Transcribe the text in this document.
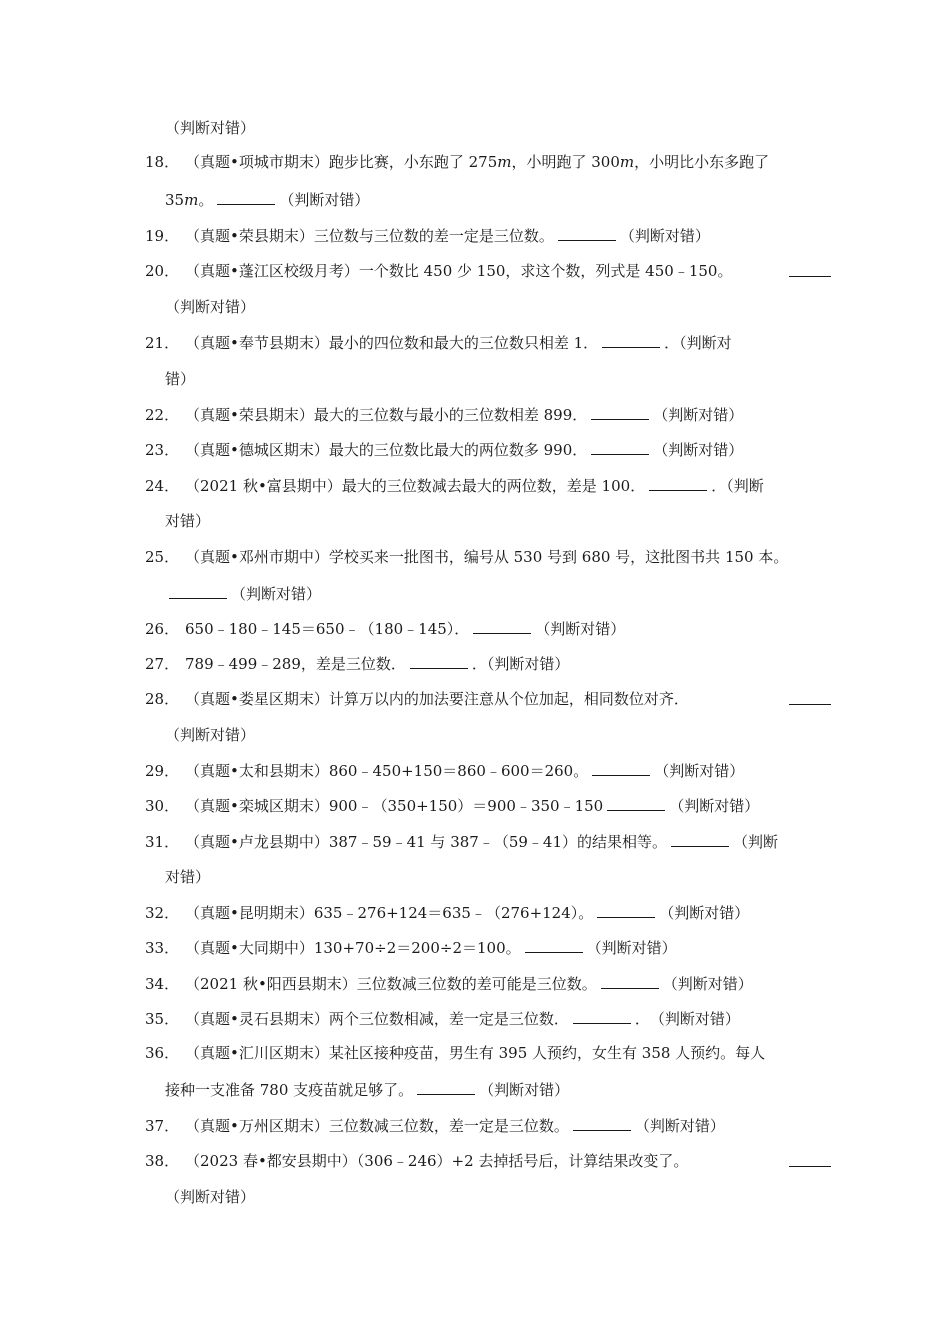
（判断对错）
18． （真题•项城市期末）跑步比赛，小东跑了 275m，小明跑了 300m，小明比小东多跑了
35m。	（判断对错）
19． （真题•荣县期末）三位数与三位数的差一定是三位数。	（判断对错）
20． （真题•蓬江区校级月考）一个数比 450 少 150，求这个数，列式是 450﹣150。
（判断对错）
21． （真题•奉节县期末）最小的四位数和最大的三位数只相差 1．	．（判断对
错）
22． （真题•荣县期末）最大的三位数与最小的三位数相差 899．	（判断对错）
23． （真题•德城区期末）最大的三位数比最大的两位数多 990．	（判断对错）
24． （2021 秋•富县期中）最大的三位数减去最大的两位数，差是 100．	．（判断
对错）
25． （真题•邓州市期中）学校买来一批图书，编号从 530 号到 680 号，这批图书共 150 本。
（判断对错）
26． 650﹣180﹣145＝650﹣（180﹣145）．	（判断对错）
27． 789﹣499﹣289，差是三位数．	．（判断对错）
28． （真题•娄星区期末）计算万以内的加法要注意从个位加起，相同数位对齐．
（判断对错）
29． （真题•太和县期末）860﹣450+150＝860﹣600＝260。	（判断对错）
30． （真题•栾城区期末）900﹣（350+150）＝900﹣350﹣150	（判断对错）
31． （真题•卢龙县期中）387﹣59﹣41 与 387﹣（59﹣41）的结果相等。	（判断
对错）
32． （真题•昆明期末）635﹣276+124＝635﹣（276+124）。	（判断对错）
33． （真题•大同期中）130+70÷2＝200÷2＝100。	（判断对错）
34． （2021 秋•阳西县期末）三位数减三位数的差可能是三位数。	（判断对错）
35． （真题•灵石县期末）两个三位数相减，差一定是三位数．	．　（判断对错）
36． （真题•汇川区期末）某社区接种疫苗，男生有 395 人预约，女生有 358 人预约。每人
接种一支准备 780 支疫苗就足够了。	（判断对错）
37． （真题•万州区期末）三位数减三位数，差一定是三位数。	（判断对错）
38． （2023 春•都安县期中）（306﹣246）+2 去掉括号后，计算结果改变了。
（判断对错）
